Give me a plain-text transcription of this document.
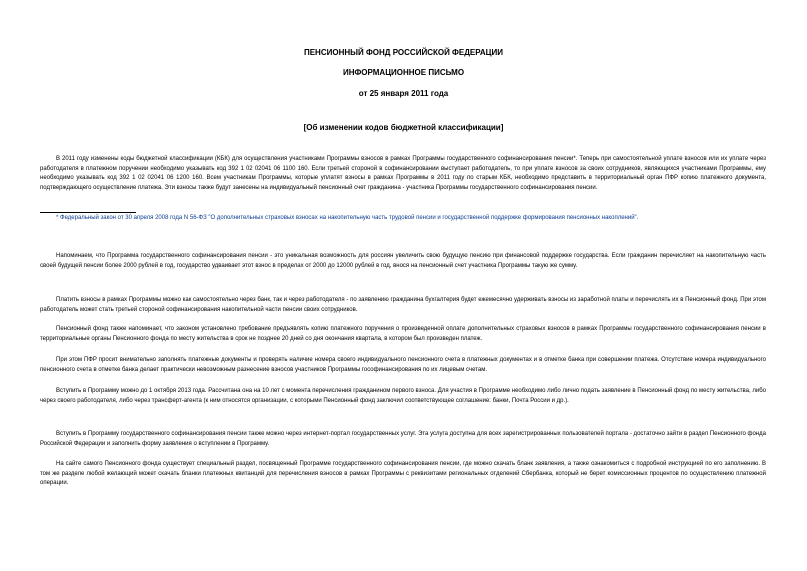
ПЕНСИОННЫЙ ФОНД РОССИЙСКОЙ ФЕДЕРАЦИИ
ИНФОРМАЦИОННОЕ ПИСЬМО
от 25 января 2011 года
[Об изменении кодов бюджетной классификации]

В 2011 году изменены коды бюджетной классификации (КБК) для осуществления участниками Программы взносов в рамках Программы государственного софинансирования пенсии*. Теперь при самостоятельной уплате взносов или их уплате через работодателя в платежном поручении необходимо указывать код 392 1 02 02041 06 1100 160. Если третьей стороной в софинансировании выступает работодатель, то при уплате взносов за своих сотрудников, являющихся участниками Программы, ему необходимо указывать код 392 1 02 02041 06 1200 160. Всем участникам Программы, которые уплатят взносы в рамках Программы в 2011 году по старым КБК, необходимо представить в территориальный орган ПФР копию платежного документа, подтверждающего осуществление платежа. Эти взносы также будут занесены на индивидуальный пенсионный счет гражданина - участника Программы государственного софинансирования пенсии.

* Федеральный закон от 30 апреля 2008 года N 56-ФЗ "О дополнительных страховых взносах на накопительную часть трудовой пенсии и государственной поддержке формирования пенсионных накоплений".

Напоминаем, что Программа государственного софинансирования пенсии - это уникальная возможность для россиян увеличить свою будущую пенсию при финансовой поддержке государства. Если гражданин перечисляет на накопительную часть своей будущей пенсии более 2000 рублей в год, государство удваивает этот взнос в пределах от 2000 до 12000 рублей в год, внося на пенсионный счет участника Программы такую же сумму.

Платить взносы в рамках Программы можно как самостоятельно через банк, так и через работодателя - по заявлению гражданина бухгалтерия будет ежемесячно удерживать взносы из заработной платы и перечислять их в Пенсионный фонд. При этом работодатель может стать третьей стороной софинансирования накопительной части пенсии своих сотрудников.

Пенсионный фонд также напоминает, что законом установлено требование предъявлять копию платежного поручения о произведенной оплате дополнительных страховых взносов в рамках Программы государственного софинансирования пенсии в территориальные органы Пенсионного фонда по месту жительства в срок не позднее 20 дней со дня окончания квартала, в котором был произведен платеж.

При этом ПФР просит внимательно заполнять платежные документы и проверять наличие номера своего индивидуального пенсионного счета в платежных документах и в отметке банка при совершении платежа. Отсутствие номера индивидуального пенсионного счета в отметке банка делает практически невозможным разнесение взносов участников Программы гософинансирования по их лицевым счетам.

Вступить в Программу можно до 1 октября 2013 года. Рассчитана она на 10 лет с момента перечисления гражданином первого взноса. Для участия в Программе необходимо либо лично подать заявление в Пенсионный фонд по месту жительства, либо через своего работодателя, либо через трансферт-агента (к ним относятся организации, с которыми Пенсионный фонд заключил соответствующее соглашение: банки, Почта России и др.).

Вступить в Программу государственного софинансирования пенсии также можно через интернет-портал государственных услуг. Эта услуга доступна для всех зарегистрированных пользователей портала - достаточно зайти в раздел Пенсионного фонда Российской Федерации и заполнить форму заявления о вступлении в Программу.

На сайте самого Пенсионного фонда существует специальный раздел, посвященный Программе государственного софинансирования пенсии, где можно скачать бланк заявления, а также ознакомиться с подробной инструкцией по его заполнению. В том же разделе любой желающий может скачать бланки платежных квитанций для перечисления взносов в рамках Программы с реквизитами региональных отделений Сбербанка, который не берет комиссионных процентов по осуществлению платежной операции.
